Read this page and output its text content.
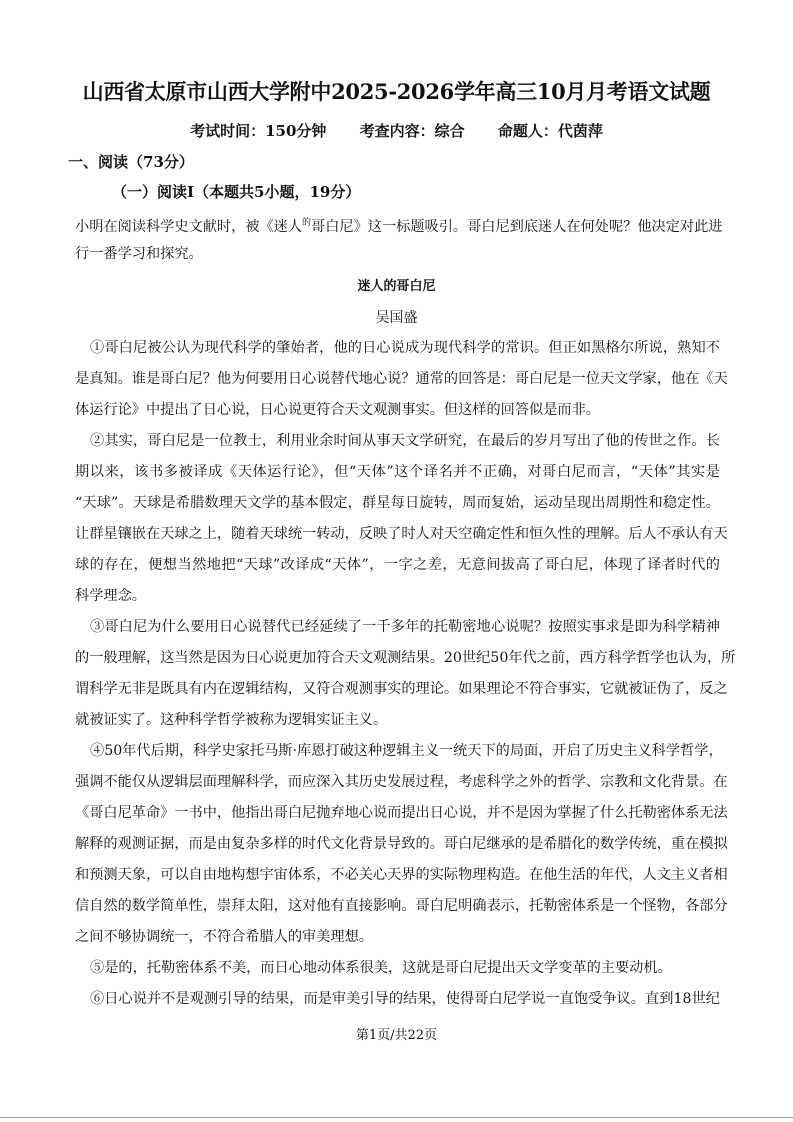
山西省太原市山西大学附中2025-2026学年高三10月月考语文试题
考试时间：150分钟 考查内容：综合 命题人：代茵萍
一、阅读（73分）
（一）阅读I（本题共5小题，19分）
小明在阅读科学史文献时，被《迷人$^的$哥白尼》这一标题吸引。哥白尼到底迷人在何处呢？他决定对此进
行一番学习和探究。
迷人的哥白尼
吴国盛
①哥白尼被公认为现代科学的肇始者，他的日心说成为现代科学的常识。但正如黑格尔所说，熟知不
是真知。谁是哥白尼？他为何要用日心说替代地心说？通常的回答是：哥白尼是一位天文学家，他在《天
体运行论》中提出了日心说，日心说更符合天文观测事实。但这样的回答似是而非。
②其实，哥白尼是一位教士，利用业余时间从事天文学研究，在最后的岁月写出了他的传世之作。长
期以来，该书多被译成《天体运行论》，但“天体”这个译名并不正确，对哥白尼而言，“天体”其实是
“天球”。天球是希腊数理天文学的基本假定，群星每日旋转，周而复始，运动呈现出周期性和稳定性。
让群星镶嵌在天球之上，随着天球统一转动，反映了时人对天空确定性和恒久性的理解。后人不承认有天
球的存在，便想当然地把“天球”改译成“天体”，一字之差，无意间拔高了哥白尼，体现了译者时代的
科学理念。
③哥白尼为什么要用日心说替代已经延续了一千多年的托勒密地心说呢？按照实事求是即为科学精神
的一般理解，这当然是因为日心说更加符合天文观测结果。20世纪50年代之前，西方科学哲学也认为，所
谓科学无非是既具有内在逻辑结构，又符合观测事实的理论。如果理论不符合事实，它就被证伪了，反之
就被证实了。这种科学哲学被称为逻辑实证主义。
④50年代后期，科学史家托马斯·库恩打破这种逻辑主义一统天下的局面，开启了历史主义科学哲学，
强调不能仅从逻辑层面理解科学，而应深入其历史发展过程，考虑科学之外的哲学、宗教和文化背景。在
《哥白尼革命》一书中，他指出哥白尼抛弃地心说而提出日心说，并不是因为掌握了什么托勒密体系无法
解释的观测证据，而是由复杂多样的时代文化背景导致的。哥白尼继承的是希腊化的数学传统，重在模拟
和预测天象，可以自由地构想宇宙体系，不必关心天界的实际物理构造。在他生活的年代，人文主义者相
信自然的数学简单性，崇拜太阳，这对他有直接影响。哥白尼明确表示，托勒密体系是一个怪物，各部分
之间不够协调统一，不符合希腊人的审美理想。
⑤是的，托勒密体系不美，而日心地动体系很美，这就是哥白尼提出天文学变革的主要动机。
⑥日心说并不是观测引导的结果，而是审美引导的结果，使得哥白尼学说一直饱受争议。直到18世纪
第1页/共22页
